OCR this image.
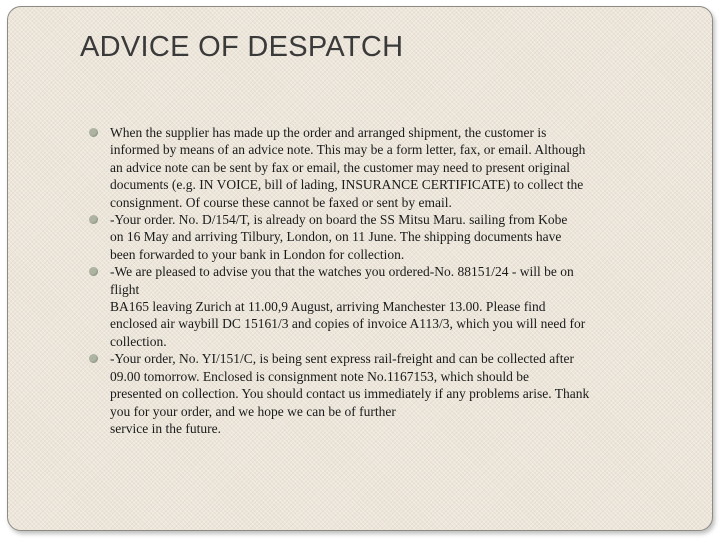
ADVICE OF DESPATCH
When the supplier has made up the order and arranged shipment, the customer is
informed by means of an advice note. This may be a form letter, fax, or email. Although
an advice note can be sent by fax or email, the customer may need to present original
documents (e.g. IN VOICE, bill of lading, INSURANCE CERTIFICATE) to collect the
consignment. Of course these cannot be faxed or sent by email.
-Your order. No. D/154/T, is already on board the SS Mitsu Maru. sailing from Kobe
on 16 May and arriving Tilbury, London, on 11 June. The shipping documents have
been forwarded to your bank in London for collection.
-We are pleased to advise you that the watches you ordered-No. 88151/24 - will be on
flight
BA165 leaving Zurich at 11.00,9 August, arriving Manchester 13.00. Please find
enclosed air waybill DC 15161/3 and copies of invoice A113/3, which you will need for
collection.
-Your order, No. YI/151/C, is being sent express rail-freight and can be collected after
09.00 tomorrow. Enclosed is consignment note No.1167153, which should be
presented on collection. You should contact us immediately if any problems arise. Thank
you for your order, and we hope we can be of further
service in the future.
